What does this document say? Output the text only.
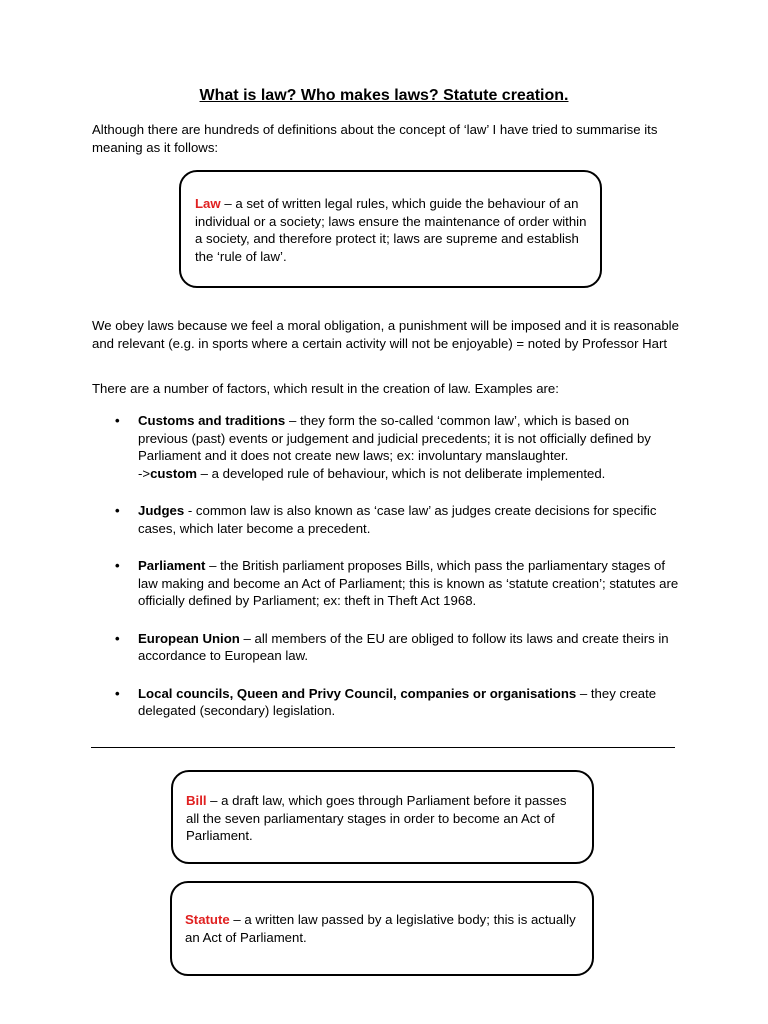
What is law? Who makes laws? Statute creation.

Although there are hundreds of definitions about the concept of ‘law’ I have tried to summarise its meaning as it follows:

Law – a set of written legal rules, which guide the behaviour of an individual or a society; laws ensure the maintenance of order within a society, and therefore protect it; laws are supreme and establish the ‘rule of law’.

We obey laws because we feel a moral obligation, a punishment will be imposed and it is reasonable and relevant (e.g. in sports where a certain activity will not be enjoyable) = noted by Professor Hart

There are a number of factors, which result in the creation of law. Examples are:

• Customs and traditions – they form the so-called ‘common law’, which is based on previous (past) events or judgement and judicial precedents; it is not officially defined by Parliament and it does not create new laws; ex: involuntary manslaughter.
->custom – a developed rule of behaviour, which is not deliberate implemented.
• Judges - common law is also known as ‘case law’ as judges create decisions for specific cases, which later become a precedent.
• Parliament – the British parliament proposes Bills, which pass the parliamentary stages of law making and become an Act of Parliament; this is known as ‘statute creation’; statutes are officially defined by Parliament; ex: theft in Theft Act 1968.
• European Union – all members of the EU are obliged to follow its laws and create theirs in accordance to European law.
• Local councils, Queen and Privy Council, companies or organisations – they create delegated (secondary) legislation.
Bill – a draft law, which goes through Parliament before it passes all the seven parliamentary stages in order to become an Act of Parliament.
Statute – a written law passed by a legislative body; this is actually an Act of Parliament.
